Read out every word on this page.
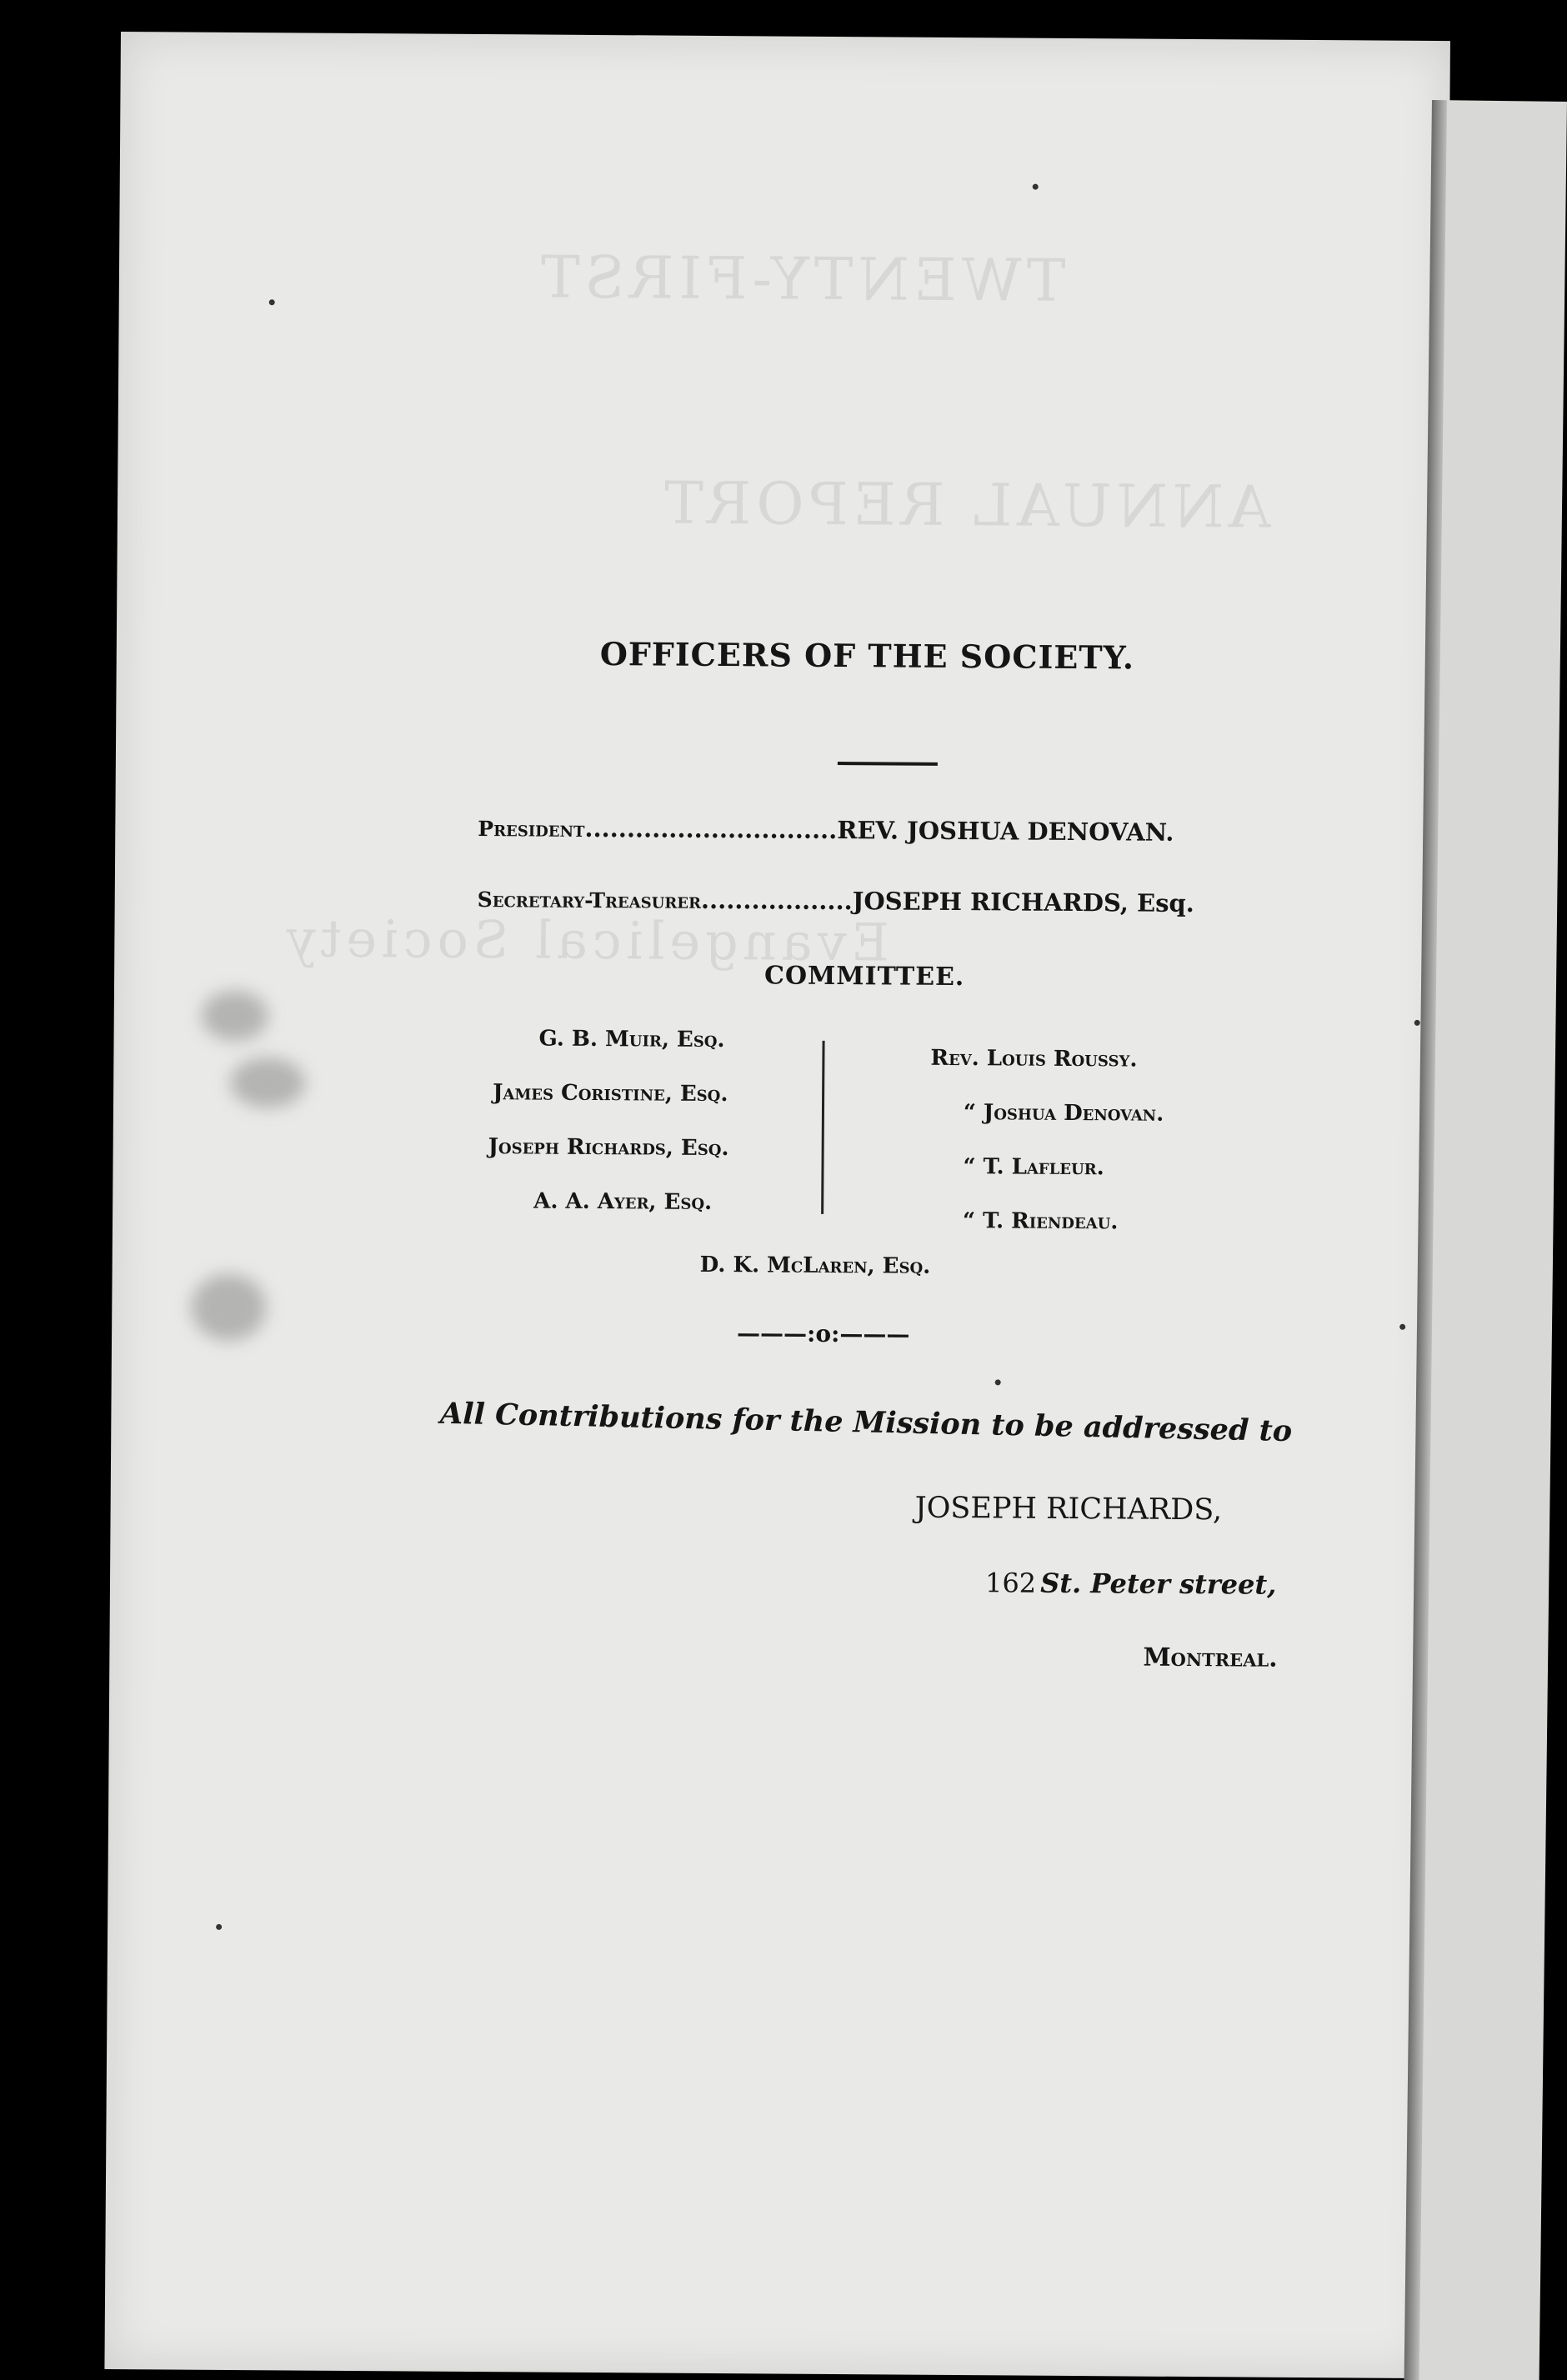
TWENTY-FIRST
ANNUAL REPORT
Evangelical Society
OFFICERS OF THE SOCIETY.
President..............................REV. JOSHUA DENOVAN.
Secretary-Treasurer..................JOSEPH RICHARDS, Esq.
COMMITTEE.
G. B. Muir, Esq.
James Coristine, Esq.
Joseph Richards, Esq.
A. A. Ayer, Esq.
Rev. Louis Roussy.
“ Joshua Denovan.
“ T. Lafleur.
“ T. Riendeau.
D. K. McLaren, Esq.
———:o:———
All Contributions for the Mission to be addressed to
JOSEPH RICHARDS,
162 St. Peter street,
Montreal.
